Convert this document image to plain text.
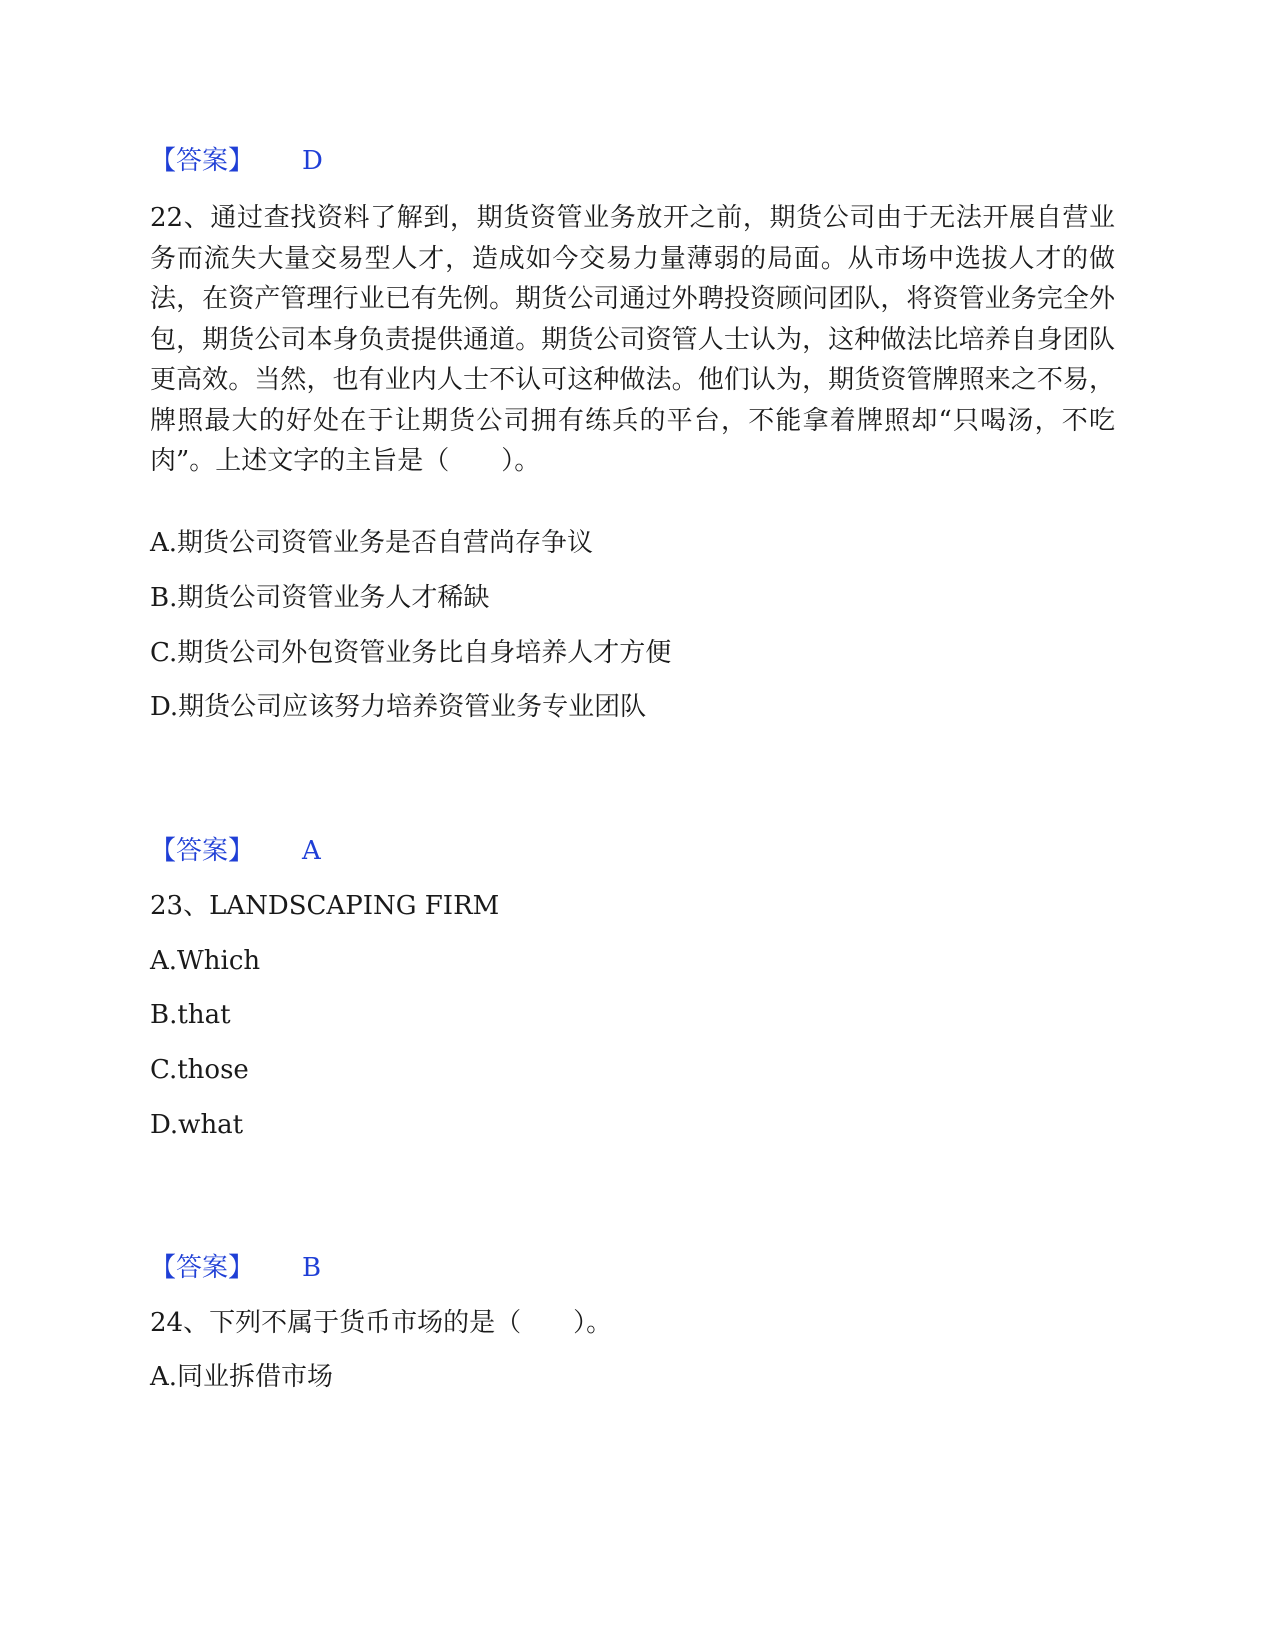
【答案】 D
22、通过查找资料了解到，期货资管业务放开之前，期货公司由于无法开展自营业务而流失大量交易型人才，造成如今交易力量薄弱的局面。从市场中选拔人才的做法，在资产管理行业已有先例。期货公司通过外聘投资顾问团队，将资管业务完全外包，期货公司本身负责提供通道。期货公司资管人士认为，这种做法比培养自身团队更高效。当然，也有业内人士不认可这种做法。他们认为，期货资管牌照来之不易，牌照最大的好处在于让期货公司拥有练兵的平台，不能拿着牌照却“只喝汤，不吃肉”。上述文字的主旨是（　　）。
A.期货公司资管业务是否自营尚存争议
B.期货公司资管业务人才稀缺
C.期货公司外包资管业务比自身培养人才方便
D.期货公司应该努力培养资管业务专业团队
【答案】 A
23、LANDSCAPING FIRM
A.Which
B.that
C.those
D.what
【答案】 B
24、下列不属于货币市场的是（　　）。
A.同业拆借市场
